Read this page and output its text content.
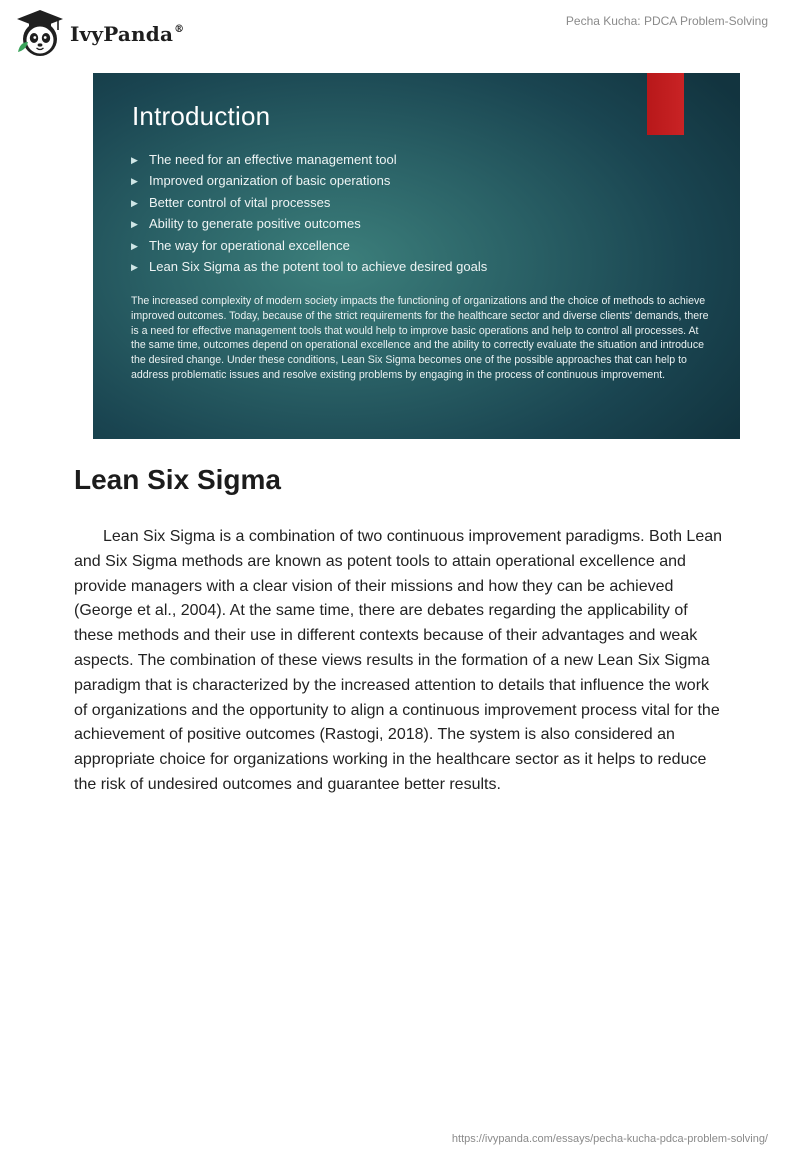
IvyPanda®
Pecha Kucha: PDCA Problem-Solving
Introduction
▶ The need for an effective management tool
▶ Improved organization of basic operations
▶ Better control of vital processes
▶ Ability to generate positive outcomes
▶ The way for operational excellence
▶ Lean Six Sigma as the potent tool to achieve desired goals

The increased complexity of modern society impacts the functioning of organizations and the choice of methods to achieve improved outcomes. Today, because of the strict requirements for the healthcare sector and diverse clients' demands, there is a need for effective management tools that would help to improve basic operations and help to control all processes. At the same time, outcomes depend on operational excellence and the ability to correctly evaluate the situation and introduce the desired change. Under these conditions, Lean Six Sigma becomes one of the possible approaches that can help to address problematic issues and resolve existing problems by engaging in the process of continuous improvement.

Lean Six Sigma

Lean Six Sigma is a combination of two continuous improvement paradigms. Both Lean and Six Sigma methods are known as potent tools to attain operational excellence and provide managers with a clear vision of their missions and how they can be achieved (George et al., 2004). At the same time, there are debates regarding the applicability of these methods and their use in different contexts because of their advantages and weak aspects. The combination of these views results in the formation of a new Lean Six Sigma paradigm that is characterized by the increased attention to details that influence the work of organizations and the opportunity to align a continuous improvement process vital for the achievement of positive outcomes (Rastogi, 2018). The system is also considered an appropriate choice for organizations working in the healthcare sector as it helps to reduce the risk of undesired outcomes and guarantee better results.

https://ivypanda.com/essays/pecha-kucha-pdca-problem-solving/
